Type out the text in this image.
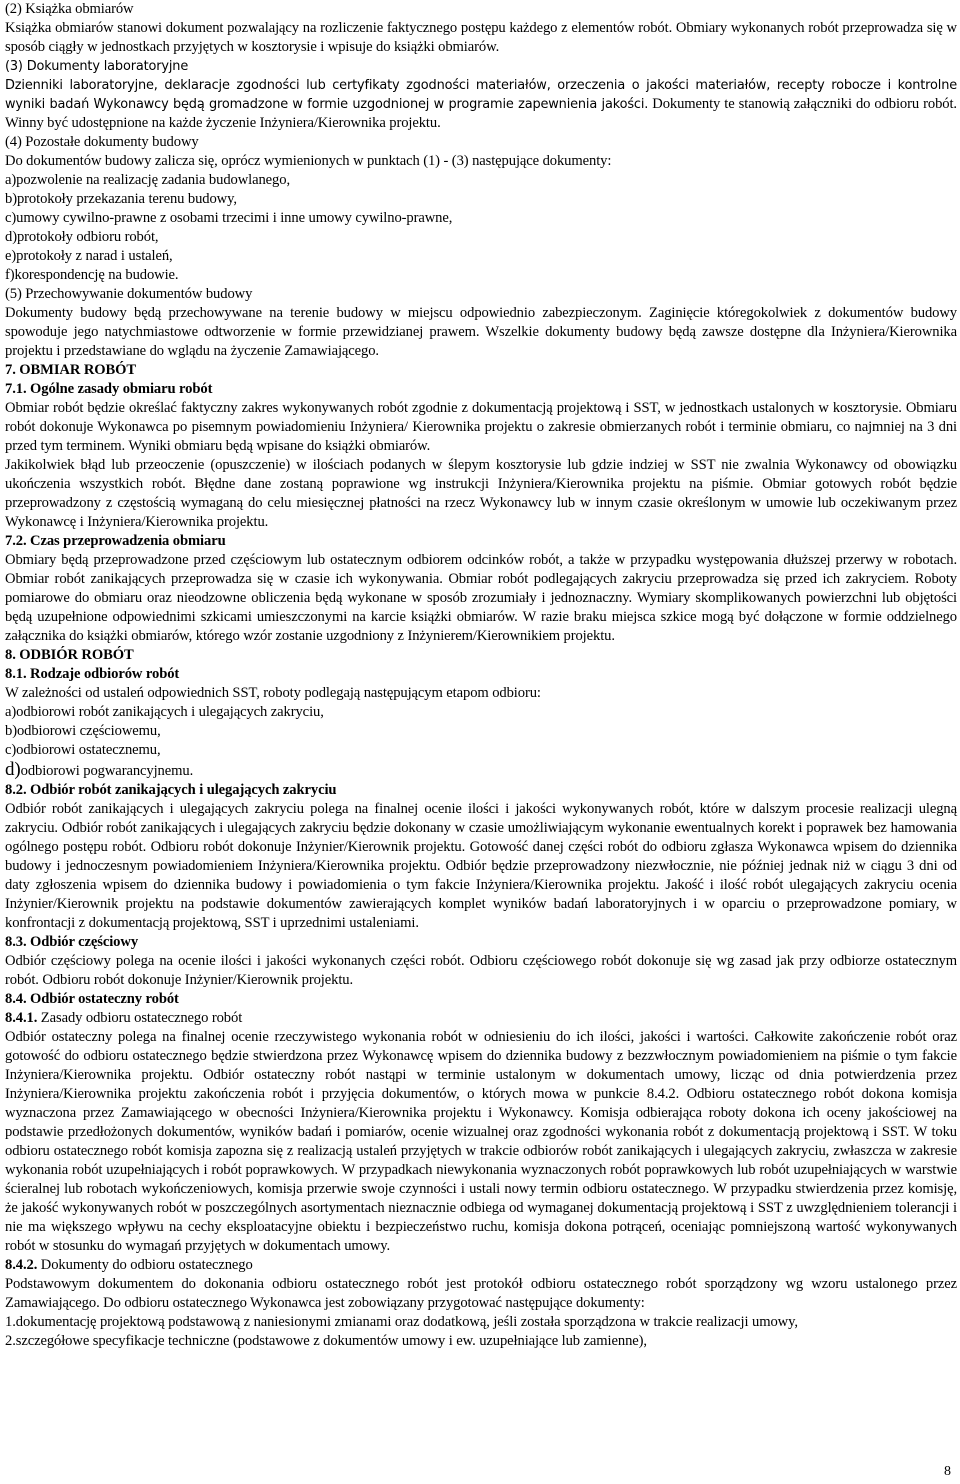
(2) Książka obmiarów

Książka obmiarów stanowi dokument pozwalający na rozliczenie faktycznego postępu każdego z elementów robót. Obmiary wykonanych robót przeprowadza się w sposób ciągły w jednostkach przyjętych w kosztorysie i wpisuje do książki obmiarów.

(3) Dokumenty laboratoryjne

Dzienniki laboratoryjne, deklaracje zgodności lub certyfikaty zgodności materiałów, orzeczenia o jakości materiałów, recepty robocze i kontrolne wyniki badań Wykonawcy będą gromadzone w formie uzgodnionej w programie zapewnienia jakości. Dokumenty te stanowią załączniki do odbioru robót. Winny być udostępnione na każde życzenie Inżyniera/Kierownika projektu.

(4) Pozostałe dokumenty budowy

Do dokumentów budowy zalicza się, oprócz wymienionych w punktach (1) - (3) następujące dokumenty:

a)pozwolenie na realizację zadania budowlanego,

b)protokoły przekazania terenu budowy,

c)umowy cywilno-prawne z osobami trzecimi i inne umowy cywilno-prawne,

d)protokoły odbioru robót,

e)protokoły z narad i ustaleń,

f)korespondencję na budowie.

(5) Przechowywanie dokumentów budowy

Dokumenty budowy będą przechowywane na terenie budowy w miejscu odpowiednio zabezpieczonym. Zaginięcie któregokolwiek z dokumentów budowy spowoduje jego natychmiastowe odtworzenie w formie przewidzianej prawem. Wszelkie dokumenty budowy będą zawsze dostępne dla Inżyniera/Kierownika projektu i przedstawiane do wglądu na życzenie Zamawiającego.

7. OBMIAR ROBÓT

7.1. Ogólne zasady obmiaru robót

Obmiar robót będzie określać faktyczny zakres wykonywanych robót zgodnie z dokumentacją projektową i SST, w jednostkach ustalonych w kosztorysie. Obmiaru robót dokonuje Wykonawca po pisemnym powiadomieniu Inżyniera/ Kierownika projektu o zakresie obmierzanych robót i terminie obmiaru, co najmniej na 3 dni przed tym terminem. Wyniki obmiaru będą wpisane do książki obmiarów.

Jakikolwiek błąd lub przeoczenie (opuszczenie) w ilościach podanych w ślepym kosztorysie lub gdzie indziej w SST nie zwalnia Wykonawcy od obowiązku ukończenia wszystkich robót. Błędne dane zostaną poprawione wg instrukcji Inżyniera/Kierownika projektu na piśmie. Obmiar gotowych robót będzie przeprowadzony z częstością wymaganą do celu miesięcznej płatności na rzecz Wykonawcy lub w innym czasie określonym w umowie lub oczekiwanym przez Wykonawcę i Inżyniera/Kierownika projektu.

7.2. Czas przeprowadzenia obmiaru

Obmiary będą przeprowadzone przed częściowym lub ostatecznym odbiorem odcinków robót, a także w przypadku występowania dłuższej przerwy w robotach. Obmiar robót zanikających przeprowadza się w czasie ich wykonywania. Obmiar robót podlegających zakryciu przeprowadza się przed ich zakryciem. Roboty pomiarowe do obmiaru oraz nieodzowne obliczenia będą wykonane w sposób zrozumiały i jednoznaczny. Wymiary skomplikowanych powierzchni lub objętości będą uzupełnione odpowiednimi szkicami umieszczonymi na karcie książki obmiarów. W razie braku miejsca szkice mogą być dołączone w formie oddzielnego załącznika do książki obmiarów, którego wzór zostanie uzgodniony z Inżynierem/Kierownikiem projektu.

8. ODBIÓR ROBÓT

8.1. Rodzaje odbiorów robót

W zależności od ustaleń odpowiednich SST, roboty podlegają następującym etapom odbioru:

a)odbiorowi robót zanikających i ulegających zakryciu,

b)odbiorowi częściowemu,

c)odbiorowi ostatecznemu,

d)odbiorowi pogwarancyjnemu.

8.2. Odbiór robót zanikających i ulegających zakryciu

Odbiór robót zanikających i ulegających zakryciu polega na finalnej ocenie ilości i jakości wykonywanych robót, które w dalszym procesie realizacji ulegną zakryciu. Odbiór robót zanikających i ulegających zakryciu będzie dokonany w czasie umożliwiającym wykonanie ewentualnych korekt i poprawek bez hamowania ogólnego postępu robót. Odbioru robót dokonuje Inżynier/Kierownik projektu. Gotowość danej części robót do odbioru zgłasza Wykonawca wpisem do dziennika budowy i jednoczesnym powiadomieniem Inżyniera/Kierownika projektu. Odbiór będzie przeprowadzony niezwłocznie, nie później jednak niż w ciągu 3 dni od daty zgłoszenia wpisem do dziennika budowy i powiadomienia o tym fakcie Inżyniera/Kierownika projektu. Jakość i ilość robót ulegających zakryciu ocenia Inżynier/Kierownik projektu na podstawie dokumentów zawierających komplet wyników badań laboratoryjnych i w oparciu o przeprowadzone pomiary, w konfrontacji z dokumentacją projektową, SST i uprzednimi ustaleniami.

8.3. Odbiór częściowy

Odbiór częściowy polega na ocenie ilości i jakości wykonanych części robót. Odbioru częściowego robót dokonuje się wg zasad jak przy odbiorze ostatecznym robót. Odbioru robót dokonuje Inżynier/Kierownik projektu.

8.4. Odbiór ostateczny robót

8.4.1. Zasady odbioru ostatecznego robót

Odbiór ostateczny polega na finalnej ocenie rzeczywistego wykonania robót w odniesieniu do ich ilości, jakości i wartości. Całkowite zakończenie robót oraz gotowość do odbioru ostatecznego będzie stwierdzona przez Wykonawcę wpisem do dziennika budowy z bezzwłocznym powiadomieniem na piśmie o tym fakcie Inżyniera/Kierownika projektu. Odbiór ostateczny robót nastąpi w terminie ustalonym w dokumentach umowy, licząc od dnia potwierdzenia przez Inżyniera/Kierownika projektu zakończenia robót i przyjęcia dokumentów, o których mowa w punkcie 8.4.2. Odbioru ostatecznego robót dokona komisja wyznaczona przez Zamawiającego w obecności Inżyniera/Kierownika projektu i Wykonawcy. Komisja odbierająca roboty dokona ich oceny jakościowej na podstawie przedłożonych dokumentów, wyników badań i pomiarów, ocenie wizualnej oraz zgodności wykonania robót z dokumentacją projektową i SST. W toku odbioru ostatecznego robót komisja zapozna się z realizacją ustaleń przyjętych w trakcie odbiorów robót zanikających i ulegających zakryciu, zwłaszcza w zakresie wykonania robót uzupełniających i robót poprawkowych. W przypadkach niewykonania wyznaczonych robót poprawkowych lub robót uzupełniających w warstwie ścieralnej lub robotach wykończeniowych, komisja przerwie swoje czynności i ustali nowy termin odbioru ostatecznego. W przypadku stwierdzenia przez komisję, że jakość wykonywanych robót w poszczególnych asortymentach nieznacznie odbiega od wymaganej dokumentacją projektową i SST z uwzględnieniem tolerancji i nie ma większego wpływu na cechy eksploatacyjne obiektu i bezpieczeństwo ruchu, komisja dokona potrąceń, oceniając pomniejszoną wartość wykonywanych robót w stosunku do wymagań przyjętych w dokumentach umowy.

8.4.2. Dokumenty do odbioru ostatecznego

Podstawowym dokumentem do dokonania odbioru ostatecznego robót jest protokół odbioru ostatecznego robót sporządzony wg wzoru ustalonego przez Zamawiającego. Do odbioru ostatecznego Wykonawca jest zobowiązany przygotować następujące dokumenty:

1.dokumentację projektową podstawową z naniesionymi zmianami oraz dodatkową, jeśli została sporządzona w trakcie realizacji umowy,

2.szczegółowe specyfikacje techniczne (podstawowe z dokumentów umowy i ew. uzupełniające lub zamienne),

8
